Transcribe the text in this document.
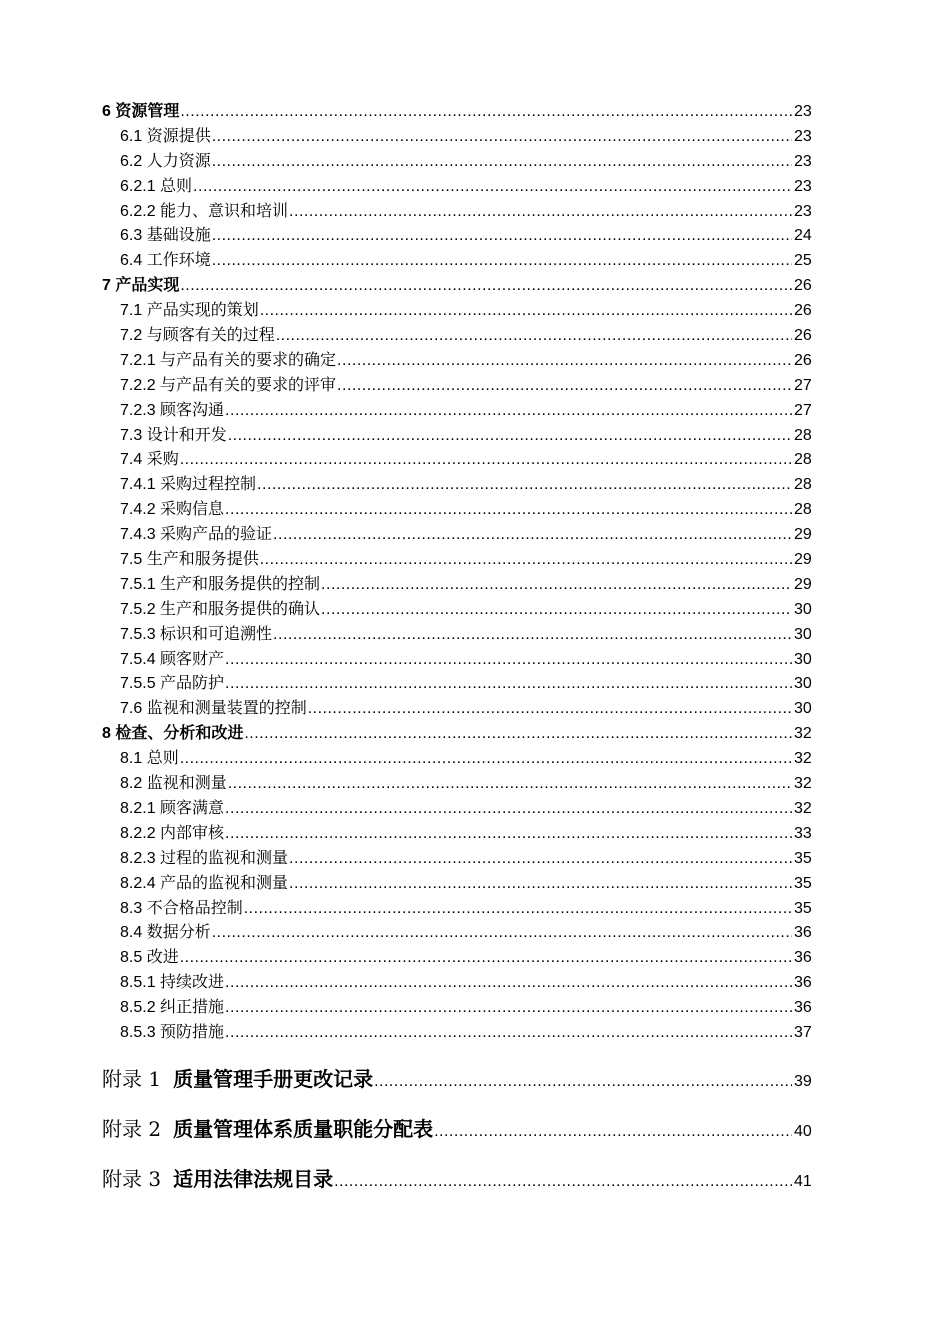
6 资源管理 .....	23
6.1 资源提供 .....	23
6.2 人力资源 .....	23
6.2.1 总则 .....	23
6.2.2 能力、意识和培训 .....	23
6.3 基础设施 .....	24
6.4 工作环境 .....	25
7 产品实现 .....	26
7.1 产品实现的策划 .....	26
7.2 与顾客有关的过程 .....	26
7.2.1 与产品有关的要求的确定 .....	26
7.2.2 与产品有关的要求的评审 .....	27
7.2.3 顾客沟通 .....	27
7.3 设计和开发 .....	28
7.4 采购 .....	28
7.4.1 采购过程控制 .....	28
7.4.2 采购信息 .....	28
7.4.3 采购产品的验证 .....	29
7.5 生产和服务提供 .....	29
7.5.1 生产和服务提供的控制 .....	29
7.5.2 生产和服务提供的确认 .....	30
7.5.3 标识和可追溯性 .....	30
7.5.4 顾客财产 .....	30
7.5.5 产品防护 .....	30
7.6 监视和测量装置的控制 .....	30
8 检查、分析和改进 .....	32
8.1 总则 .....	32
8.2 监视和测量 .....	32
8.2.1 顾客满意 .....	32
8.2.2 内部审核 .....	33
8.2.3 过程的监视和测量 .....	35
8.2.4 产品的监视和测量 .....	35
8.3 不合格品控制 .....	35
8.4 数据分析 .....	36
8.5 改进 .....	36
8.5.1 持续改进 .....	36
8.5.2 纠正措施 .....	36
8.5.3 预防措施 .....	37
附录 1 质量管理手册更改记录 .....	39
附录 2 质量管理体系质量职能分配表 .....	40
附录 3 适用法律法规目录 .....	41
